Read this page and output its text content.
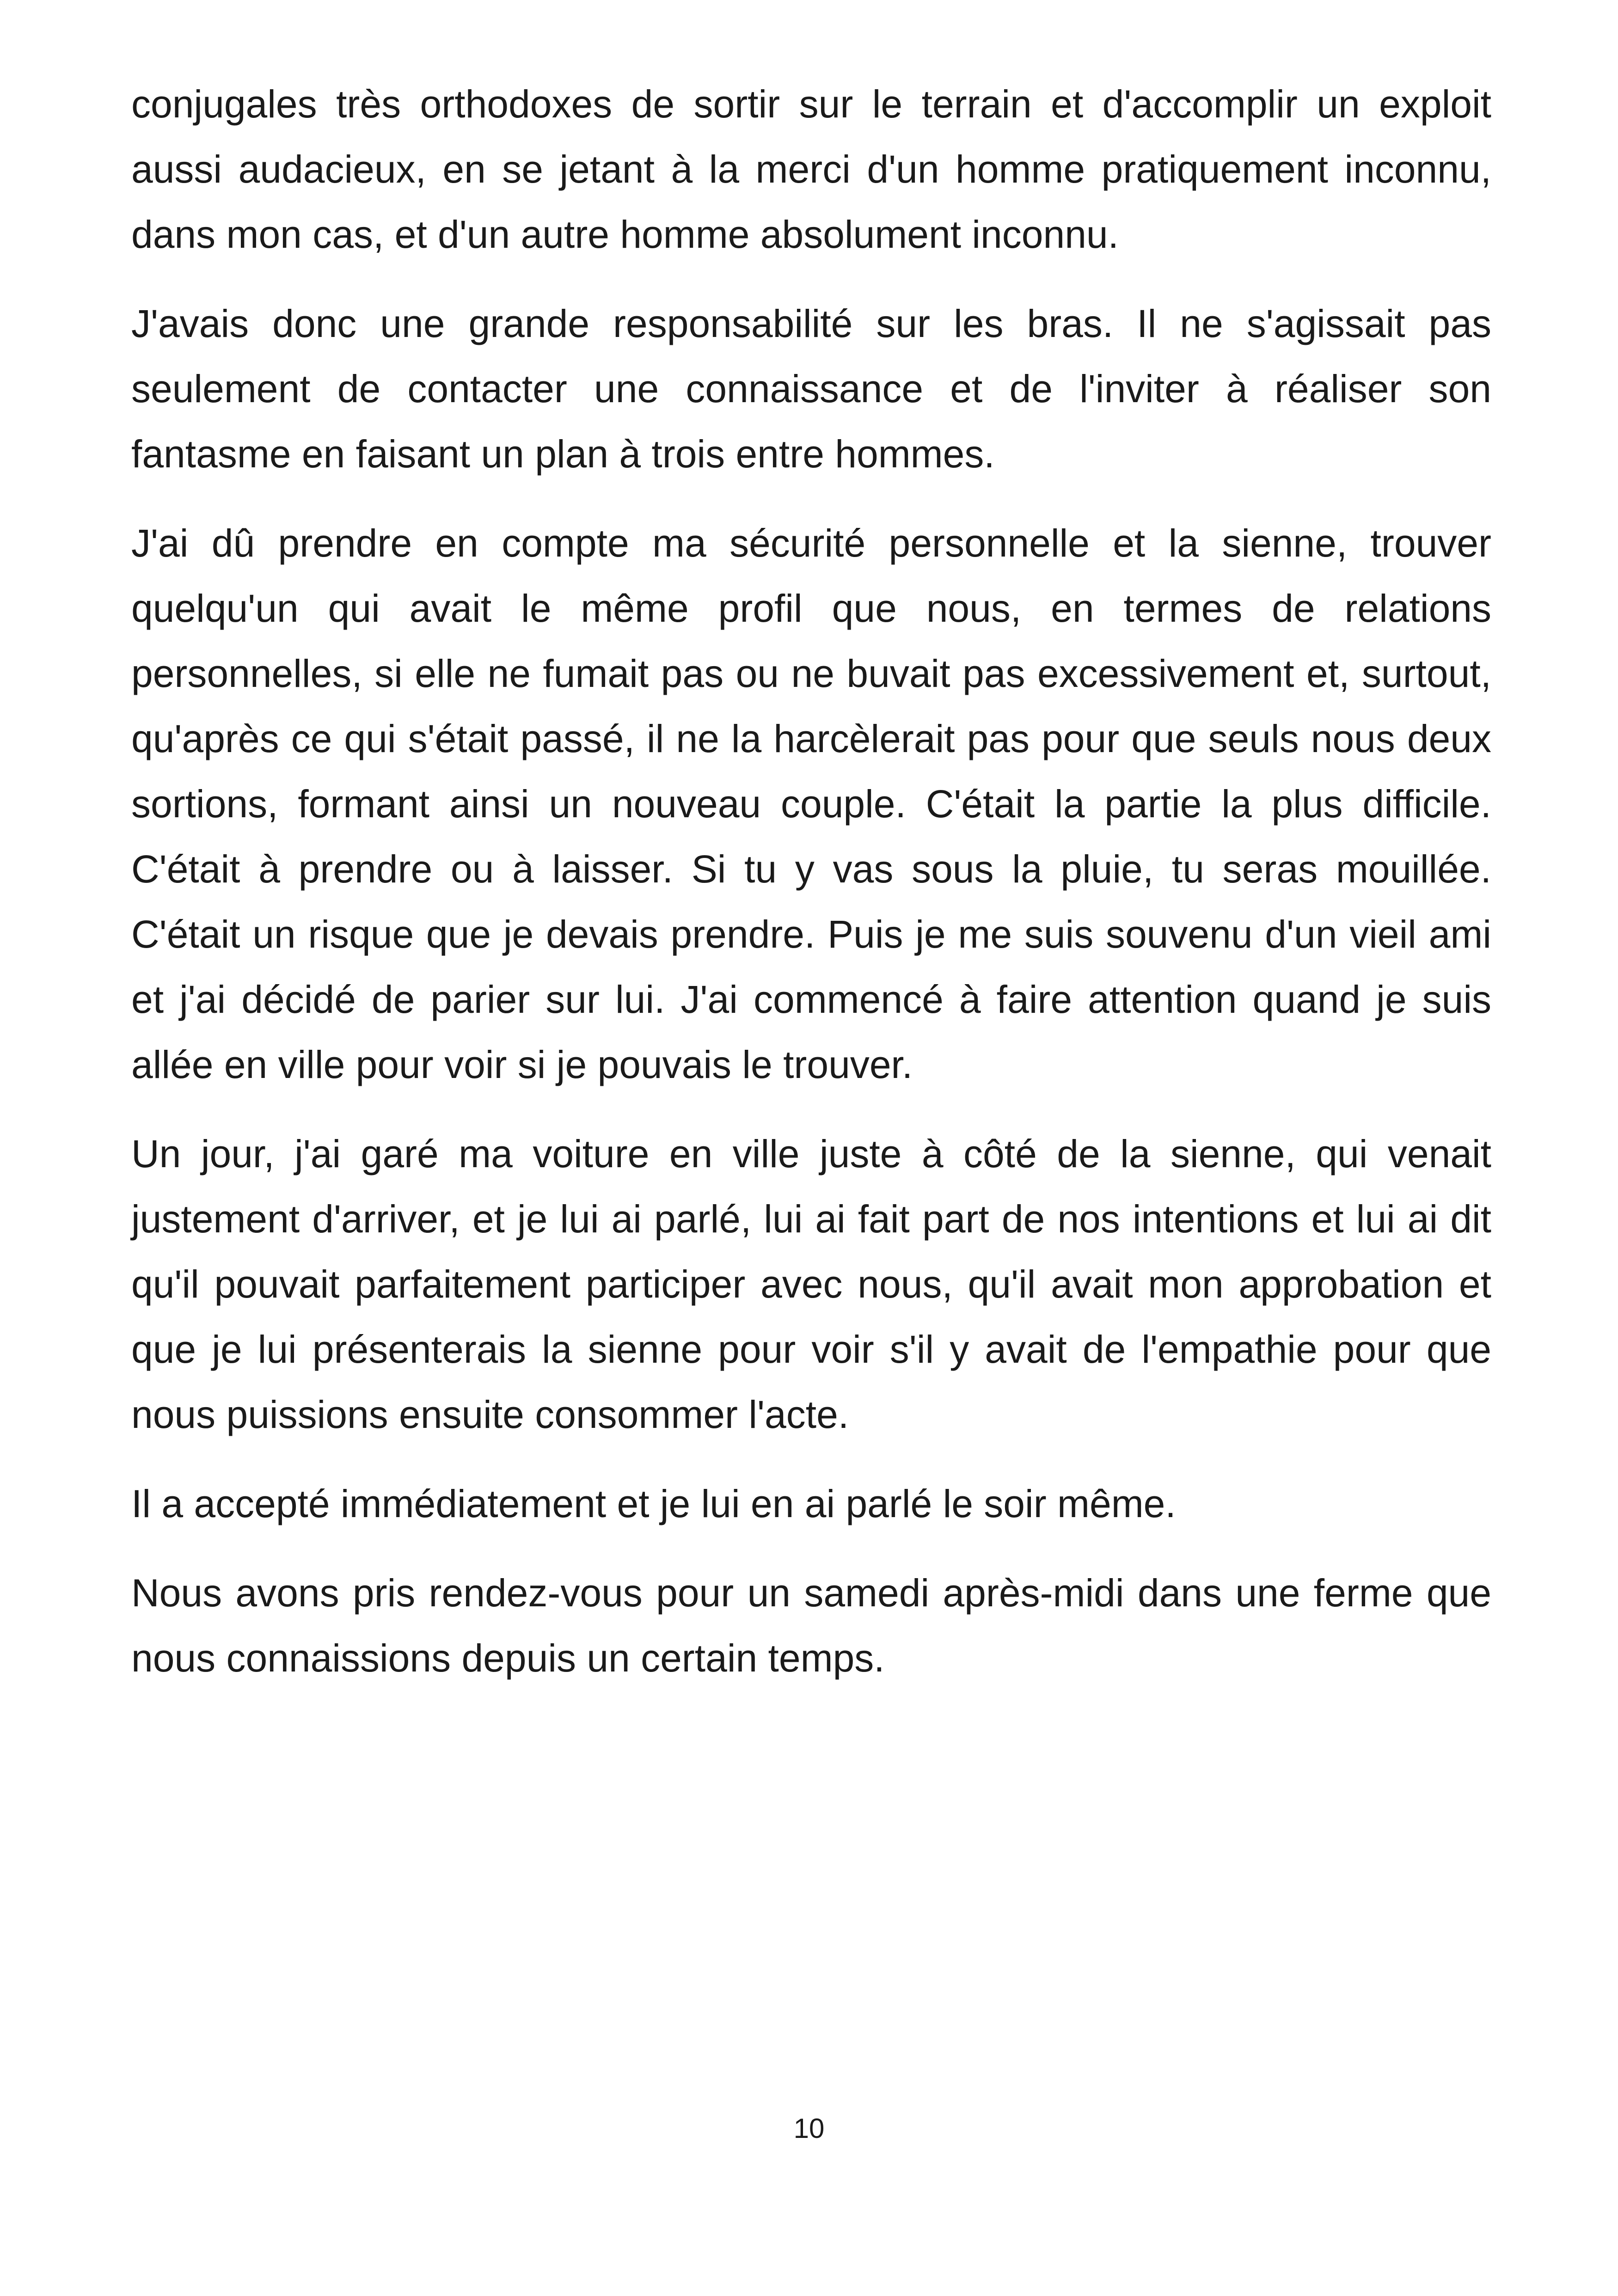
conjugales très orthodoxes de sortir sur le terrain et d'accomplir un exploit aussi audacieux, en se jetant à la merci d'un homme pratiquement inconnu, dans mon cas, et d'un autre homme absolument inconnu.

J'avais donc une grande responsabilité sur les bras. Il ne s'agissait pas seulement de contacter une connaissance et de l'inviter à réaliser son fantasme en faisant un plan à trois entre hommes.

J'ai dû prendre en compte ma sécurité personnelle et la sienne, trouver quelqu'un qui avait le même profil que nous, en termes de relations personnelles, si elle ne fumait pas ou ne buvait pas excessivement et, surtout, qu'après ce qui s'était passé, il ne la harcèlerait pas pour que seuls nous deux sortions, formant ainsi un nouveau couple. C'était la partie la plus difficile. C'était à prendre ou à laisser. Si tu y vas sous la pluie, tu seras mouillée. C'était un risque que je devais prendre. Puis je me suis souvenu d'un vieil ami et j'ai décidé de parier sur lui. J'ai commencé à faire attention quand je suis allée en ville pour voir si je pouvais le trouver.

Un jour, j'ai garé ma voiture en ville juste à côté de la sienne, qui venait justement d'arriver, et je lui ai parlé, lui ai fait part de nos intentions et lui ai dit qu'il pouvait parfaitement participer avec nous, qu'il avait mon approbation et que je lui présenterais la sienne pour voir s'il y avait de l'empathie pour que nous puissions ensuite consommer l'acte.

Il a accepté immédiatement et je lui en ai parlé le soir même.

Nous avons pris rendez-vous pour un samedi après-midi dans une ferme que nous connaissions depuis un certain temps.

10
